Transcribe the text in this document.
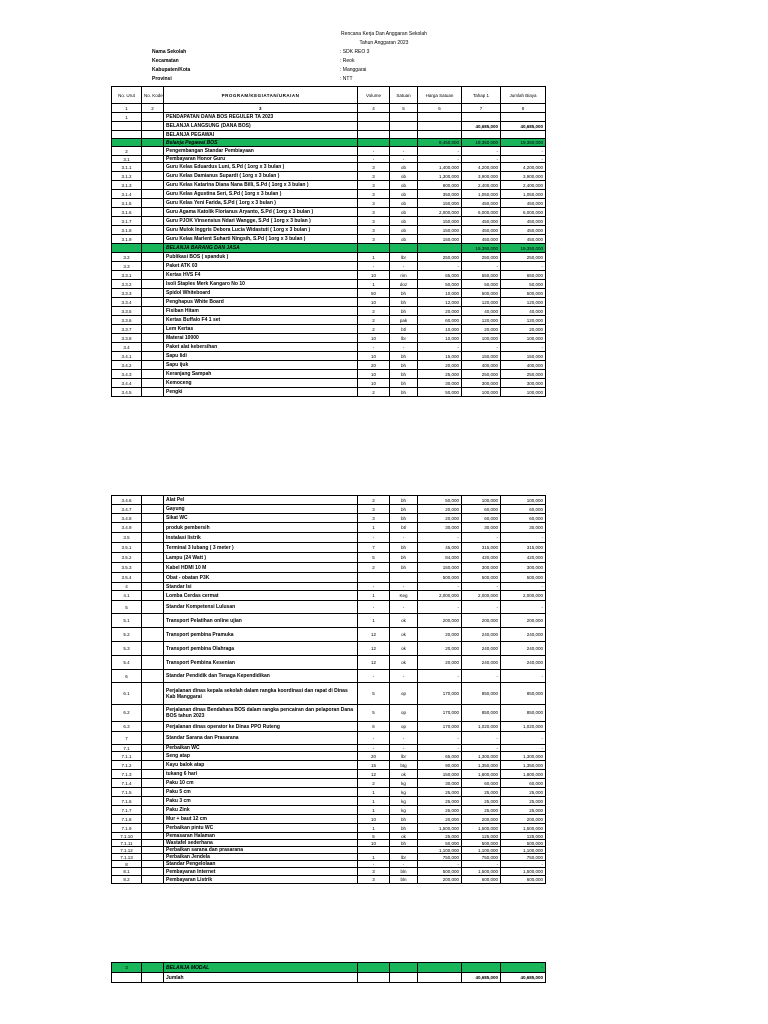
Rencana Kerja Dan Anggaran Sekolah
Tahun Anggaran 2023
Nama Sekolah	: SDK REO 3
Kecamatan	: Reok
Kabupaten/Kota	: Manggarai
Provinsi	: NTT
No. Urut	No. Kode	PROGRAM/KEGIATAN/URAIAN	Volume	Satuan	Harga Satuan	Tahap 1	Jumlah Biaya
1	2	3	4	5	6	7	8
1		PENDAPATAN DANA BOS REGULER TA 2023					
		BELANJA LANGSUNG (DANA BOS)				40,685,000	40,685,000
		BELANJA PEGAWAI					
		Belanja Pegawai BOS			9,450,000	19,350,000	19,350,000
2		Pengembangan Standar Pembiayaan	-	-	-	-	-
3.1		Pembayaran Honor Guru	-	-	-	-	-
3.1.1		Guru Kelas Eduardus Luni, S.Pd ( 1org x 3 bulan )	3	ob	1,400,000	4,200,000	4,200,000
3.1.2		Guru Kelas Damianus Supardi ( 1org x 3 bulan )	3	ob	1,300,000	3,900,000	3,900,000
3.1.3		Guru Kelas Katarina Diana Nana Billi, S.Pd ( 1org x 3 bulan )	3	ob	800,000	2,400,000	2,400,000
3.1.4		Guru Kelas Agustina Seri, S.Pd ( 1org x 3 bulan )	3	ob	350,000	1,050,000	1,050,000
3.1.5		Guru Kelas Yeni Farida, S.Pd ( 1org x 3 bulan )	3	ob	150,000	450,000	450,000
3.1.6		Guru Agama Katolik Florianus Aryanto, S.Pd ( 1org x 3 bulan )	3	ob	2,000,000	6,000,000	6,000,000
3.1.7		Guru PJOK Vinsensius Ndari Wangge, S.Pd ( 1org x 3 bulan )	3	ob	150,000	450,000	450,000
3.1.8		Guru Mulok Inggris Debora Lucia Widastuti ( 1org x 3 bulan )	3	ob	150,000	450,000	450,000
3.1.9		Guru Kelas Marlent Suharti Ningsih, S.Pd ( 1org x 3 bulan )	3	ob	150,000	450,000	450,000
		BELANJA BARANG DAN JASA				19,350,000	19,350,000
3.2		Publikasi BOS ( spanduk )	1	lbr	250,000	250,000	250,000
3.3		Paket ATK 03	-	-	-	-	-
3.3.1		Kertas HVS F4	10	rim	65,000	650,000	650,000
3.3.2		Isoli Staples Merk Kangaro No 10	1	doz	50,000	50,000	50,000
3.3.3		Spidol Whiteboard	50	bh	10,000	500,000	500,000
3.3.4		Penghapus White Board	10	bh	12,000	120,000	120,000
3.3.5		Fisiban Hitam	2	bh	20,000	40,000	40,000
3.3.6		Kertas Buffalo F4 1 set	2	pak	60,000	120,000	120,000
3.3.7		Lem Kertas	2	btl	10,000	20,000	20,000
3.3.8		Materai 10000	10	lbr	10,000	100,000	100,000
3.4		Paket alat kebersihan	-	-	-	-	-
3.4.1		Sapu lidi	10	bh	15,000	150,000	150,000
3.4.2		Sapu ijuk	20	bh	20,000	400,000	400,000
3.4.3		Keranjang Sampah	10	bh	25,000	250,000	250,000
3.4.4		Kemoceng	10	bh	30,000	300,000	300,000
3.4.5		Pengki	2	bh	50,000	100,000	100,000
3.4.6		Alat Pel	2	bh	50,000	100,000	100,000
3.4.7		Gayung	3	bh	20,000	60,000	60,000
3.4.8		Sikat WC	3	bh	20,000	60,000	60,000
3.4.9		produk pembersih	1	btl	30,000	30,000	30,000
3.5		Instalasi listrik	-	-	-	-	-
3.5.1		Terminal 3 lubang ( 3 meter )	7	bh	45,000	315,000	315,000
3.5.2		Lampu (24 Watt )	5	bh	84,000	420,000	420,000
3.5.3		Kabel HDMI 10 M	2	bh	150,000	300,000	300,000
3.5.4		Obat - obatan P3K			500,000	500,000	500,000
4		Standar Isi	-	-	-	-	-
4.1		Lomba Cerdas cermat	1	Keg	2,000,000	2,000,000	2,000,000
5		Standar Kompetensi Lulusan	-	-	-	-	-
5.1		Transport Pelatihan online ujian	1	ok	200,000	200,000	200,000
5.2		Transport pembina Pramuka	12	ok	20,000	240,000	240,000
5.3		Transport pembina Olahraga	12	ok	20,000	240,000	240,000
5.4		Transport Pembina Kesenian	12	ok	20,000	240,000	240,000
6		Standar Pendidik dan Tenaga Kependidikan	-	-	-	-	-
6.1		Perjalanan dinas kepala sekolah dalam rangka koordinasi dan rapat di Dinas Kab Manggarai	5	op	170,000	850,000	850,000
6.2		Perjalanan dinas Bendahara BOS dalam rangka pencairan dan pelaporan Dana BOS tahun 2023	5	op	170,000	850,000	850,000
6.3		Perjalanan dinas operator ke Dinas PPO Ruteng	6	op	170,000	1,020,000	1,020,000
7		Standar Sarana dan Prasarana	-	-	-	-	-
7.1		Perbaikan WC	-	-	-	-	-
7.1.1		Seng atap	20	lbr	65,000	1,300,000	1,300,000
7.1.2		Kayu balok atap	15	btg	90,000	1,350,000	1,350,000
7.1.3		tukang 6 hari	12	ok	150,000	1,800,000	1,800,000
7.1.4		Paku 10 cm	2	kg	30,000	60,000	60,000
7.1.5		Paku 5 cm	1	kg	25,000	25,000	25,000
7.1.6		Paku 3 cm	1	kg	25,000	25,000	25,000
7.1.7		Paku Zink	1	kg	25,000	25,000	25,000
7.1.8		Mur + baut 12 cm	10	bh	20,000	200,000	200,000
7.1.9		Perbaikan pintu WC	1	bh	1,500,000	1,500,000	1,500,000
7.1.10		Pemasaran Halaman	5	ok	25,000	125,000	125,000
7.1.11		Wastafel sederhana	10	bh	50,000	500,000	500,000
7.1.12		Perbaikan sarana dan prasarana			1,100,000	1,100,000	1,100,000
7.1.13		Perbaikan Jendela	1	lbr	750,000	750,000	750,000
8		Standar Pengelolaan	-	-	-	-	-
8.1		Pembayaran Internet	3	bln	500,000	1,500,000	1,500,000
8.2		Pembayaran Listrik	3	bln	200,000	600,000	600,000
3		BELANJA MODAL					-
		Jumlah				40,685,000	40,685,000
